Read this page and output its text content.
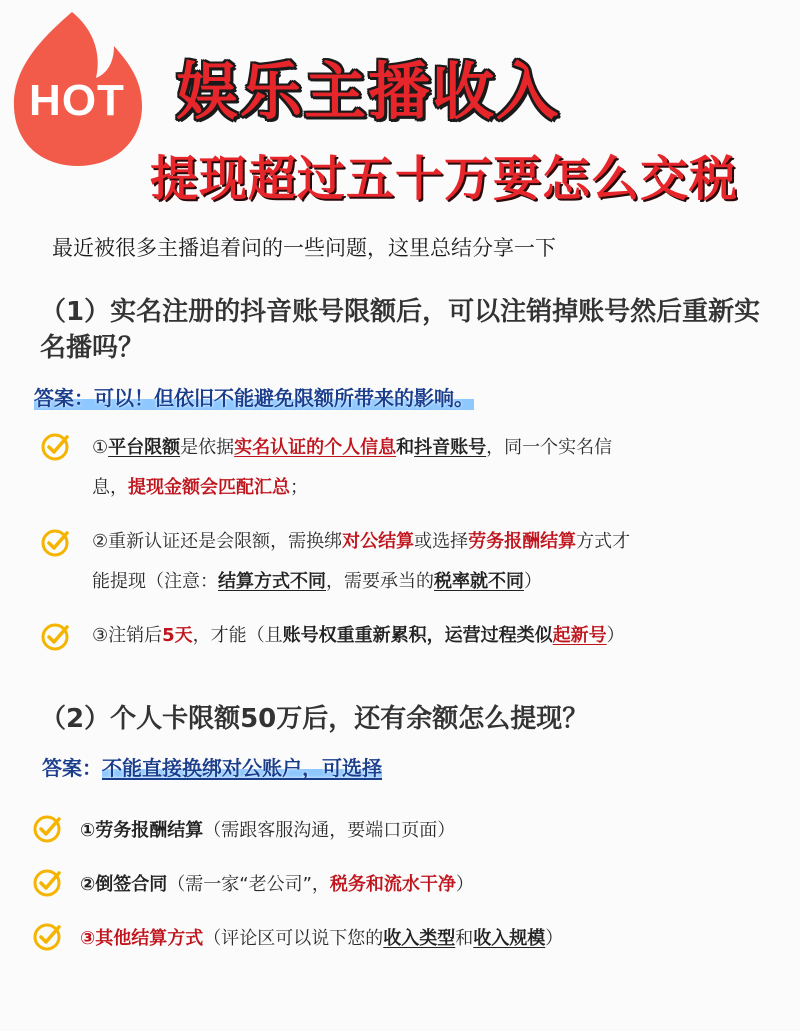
HOT 娱乐主播收入
提现超过五十万要怎么交税
最近被很多主播追着问的一些问题，这里总结分享一下
（1）实名注册的抖音账号限额后，可以注销掉账号然后重新实名播吗？
答案：可以！但依旧不能避免限额所带来的影响。
①平台限额是依据实名认证的个人信息和抖音账号，同一个实名信
息，提现金额会匹配汇总；
②重新认证还是会限额，需换绑对公结算或选择劳务报酬结算方式才
能提现（注意：结算方式不同，需要承当的税率就不同）
③注销后5天，才能（且账号权重重新累积，运营过程类似起新号）
（2）个人卡限额50万后，还有余额怎么提现？
答案：不能直接换绑对公账户，可选择
①劳务报酬结算（需跟客服沟通，要端口页面）
②倒签合同（需一家“老公司”，税务和流水干净）
③其他结算方式（评论区可以说下您的收入类型和收入规模）
